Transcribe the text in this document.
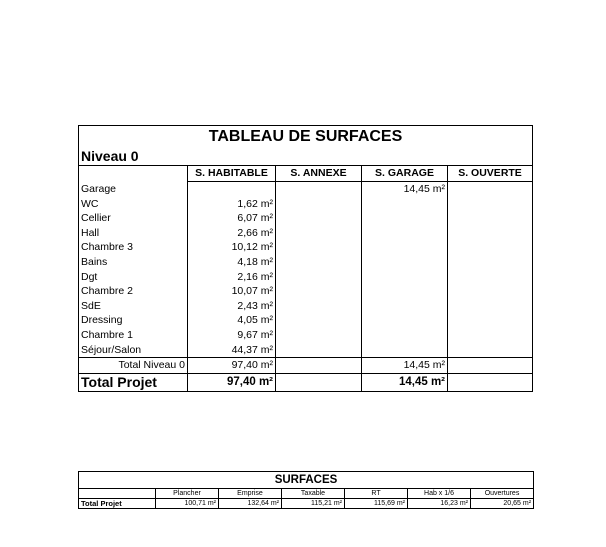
TABLEAU DE SURFACES				
Niveau 0				
	S. HABITABLE	S. ANNEXE	S. GARAGE	S. OUVERTE
Garage			14,45 m²	
WC	1,62 m²			
Cellier	6,07 m²			
Hall	2,66 m²			
Chambre 3	10,12 m²			
Bains	4,18 m²			
Dgt	2,16 m²			
Chambre 2	10,07 m²			
SdE	2,43 m²			
Dressing	4,05 m²			
Chambre 1	9,67 m²			
Séjour/Salon	44,37 m²			
Total Niveau 0	97,40 m²		14,45 m²	
Total Projet	97,40 m²		14,45 m²	
SURFACES						
	Plancher	Emprise	Taxable	RT	Hab x 1/6	Ouvertures
Total Projet	100,71 m²	132,64 m²	115,21 m²	115,69 m²	16,23 m²	20,65 m²
